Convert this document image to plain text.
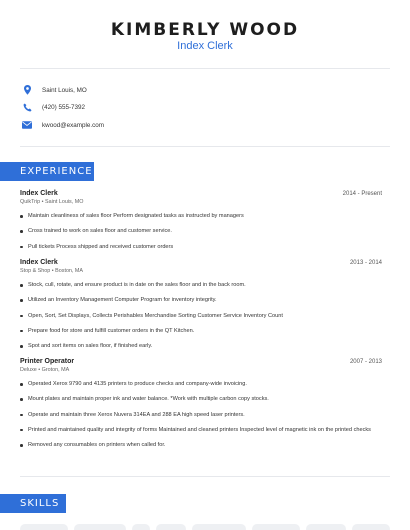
KIMBERLY WOOD
Index Clerk
Saint Louis, MO
(420) 555-7392
kwood@example.com
EXPERIENCE
Index Clerk	2014 - Present
QuikTrip • Saint Louis, MO
Maintain cleanliness of sales floor Perform designated tasks as instructed by managers
Cross trained to work on sales floor and customer service.
Pull tickets Process shipped and received customer orders
Index Clerk	2013 - 2014
Stop & Shop • Boston, MA
Stock, cull, rotate, and ensure product is in date on the sales floor and in the back room.
Utilized an Inventory Management Computer Program for inventory integrity.
Open, Sort, Set Displays, Collects Perishables Merchandise Sorting Customer Service Inventory Count
Prepare food for store and fulfill customer orders in the QT Kitchen.
Spot and sort items on sales floor, if finished early.
Printer Operator	2007 - 2013
Deluxe • Groton, MA
Operated Xerox 9790 and 4135 printers to produce checks and company-wide invoicing.
Mount plates and maintain proper ink and water balance. *Work with multiple carbon copy stocks.
Operate and maintain three Xerox Nuvera 314EA and 288 EA high speed laser printers.
Printed and maintained quality and integrity of forms Maintained and cleaned printers Inspected level of magnetic ink on the printed checks
Removed any consumables on printers when called for.
SKILLS
